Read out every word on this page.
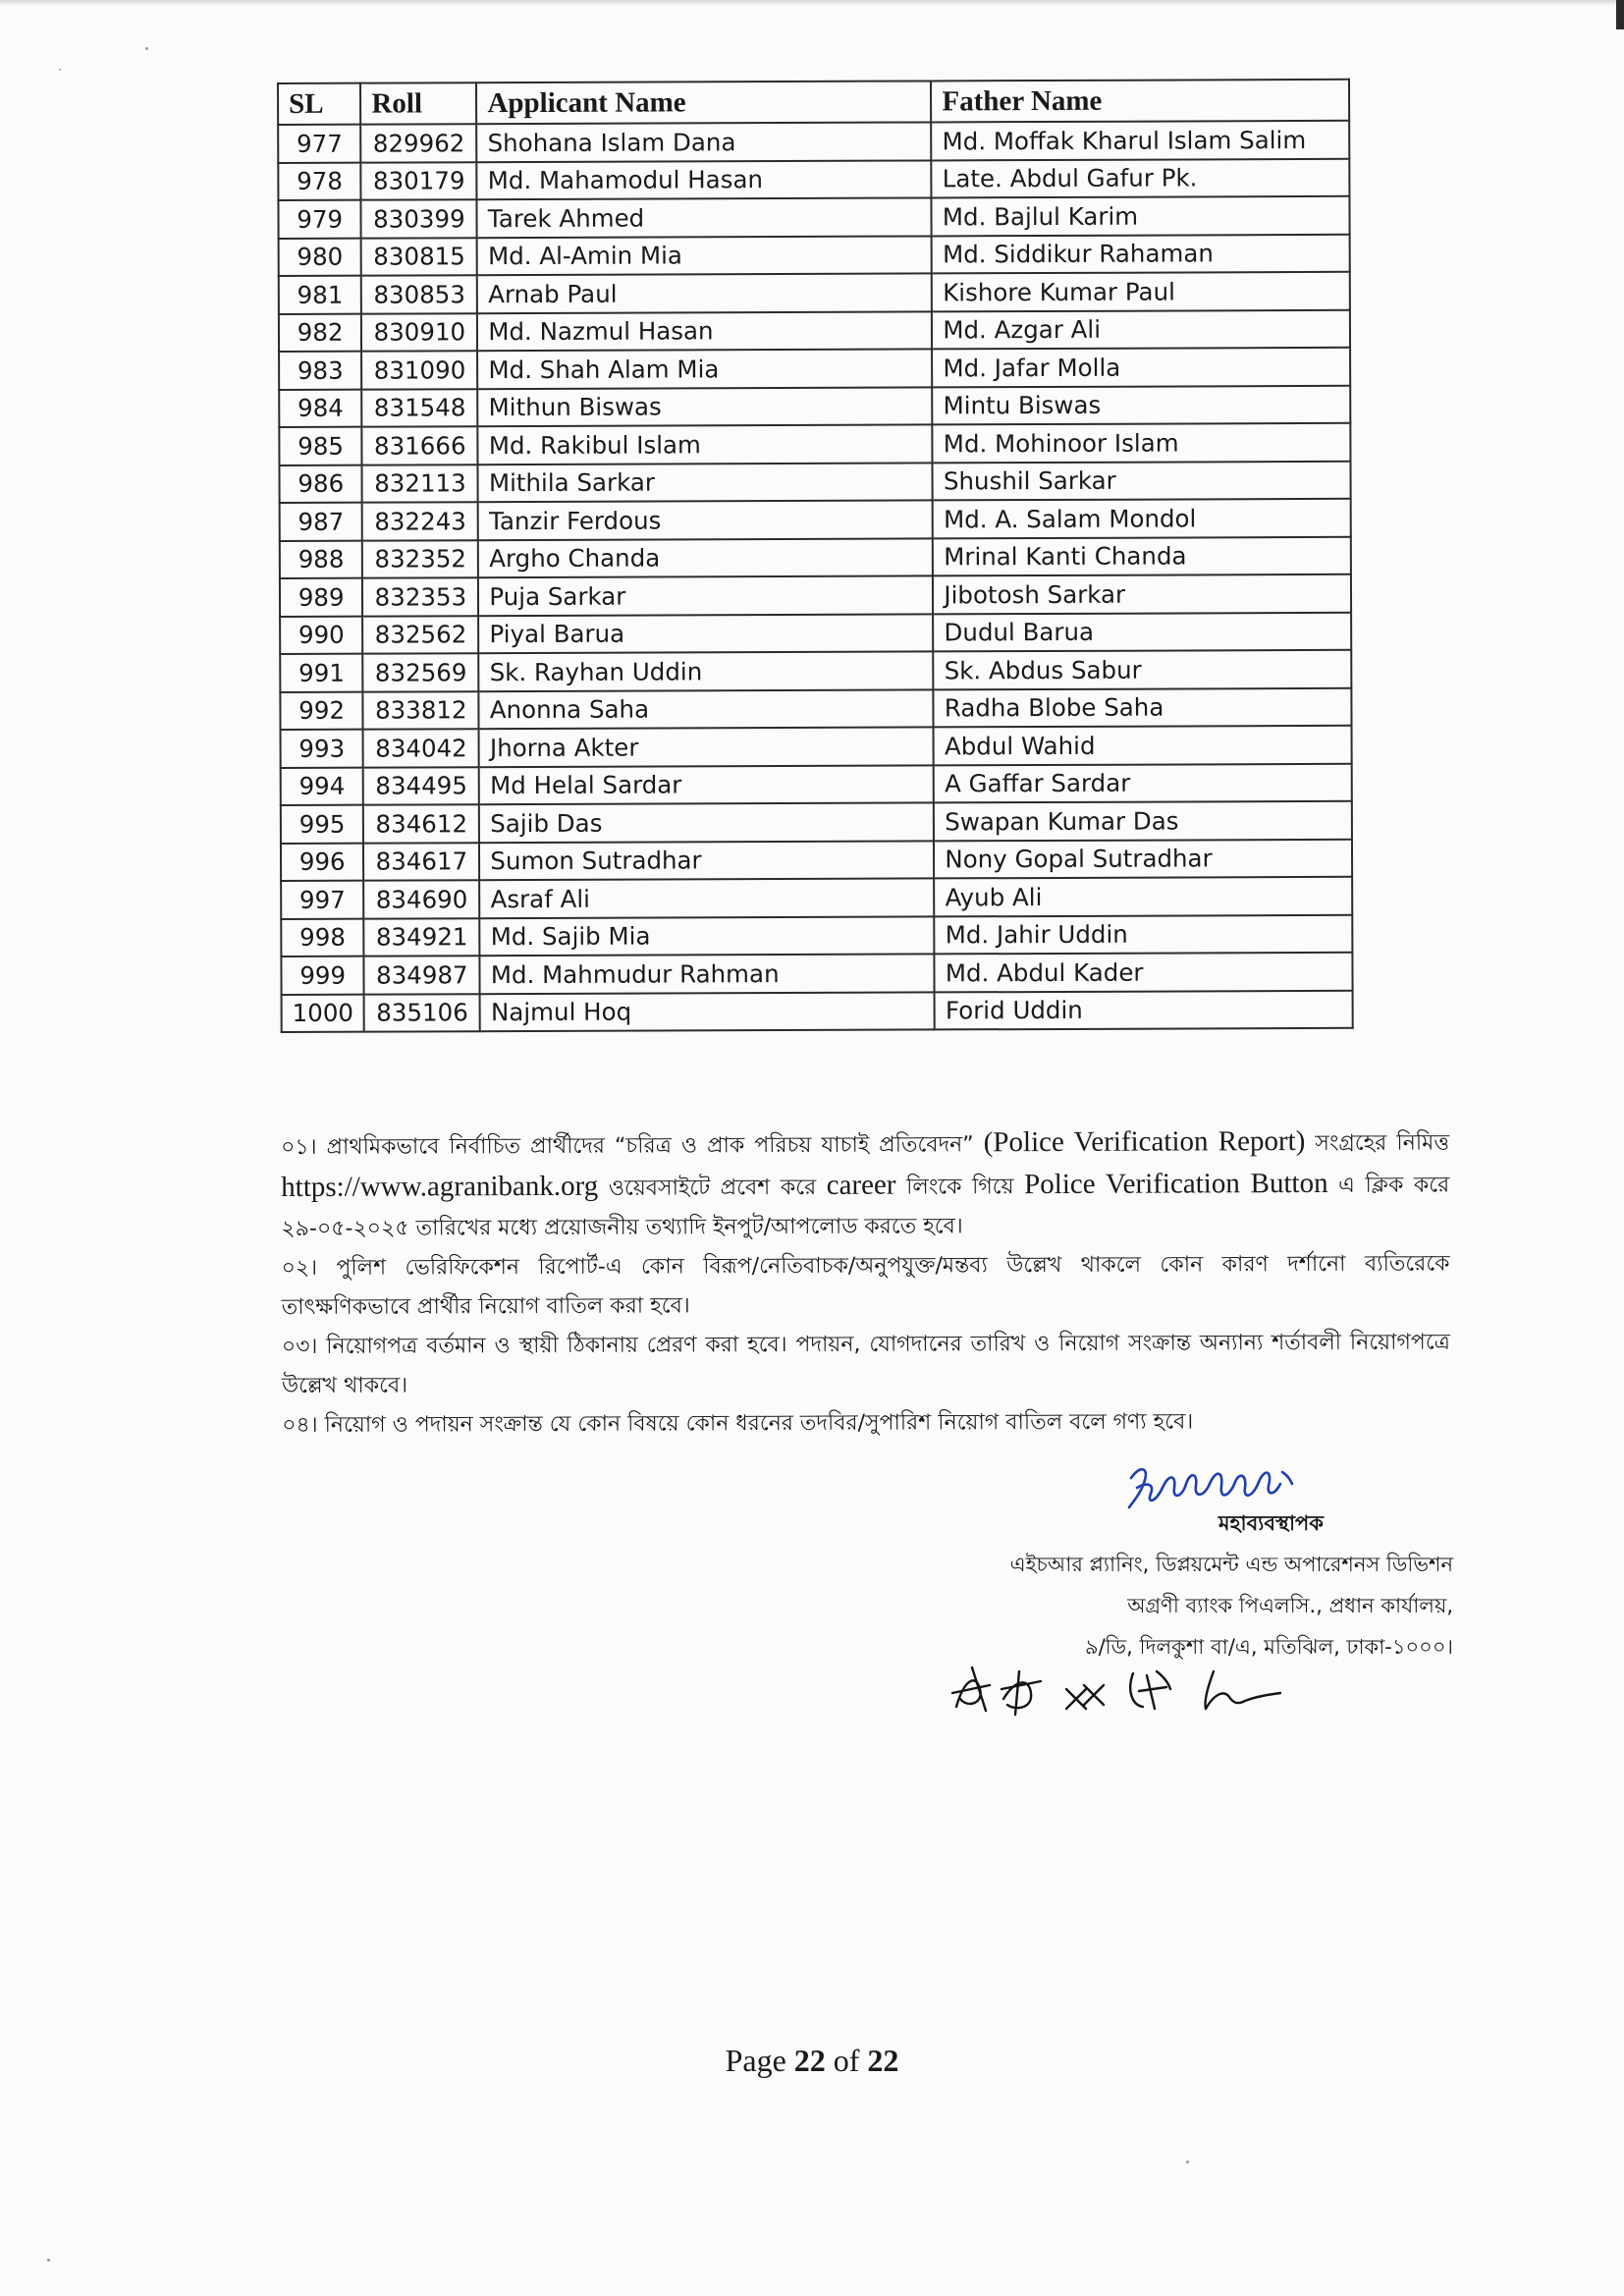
SL	Roll	Applicant Name	Father Name
977	829962	Shohana Islam Dana	Md. Moffak Kharul Islam Salim
978	830179	Md. Mahamodul Hasan	Late. Abdul Gafur Pk.
979	830399	Tarek Ahmed	Md. Bajlul Karim
980	830815	Md. Al-Amin Mia	Md. Siddikur Rahaman
981	830853	Arnab Paul	Kishore Kumar Paul
982	830910	Md. Nazmul Hasan	Md. Azgar Ali
983	831090	Md. Shah Alam Mia	Md. Jafar Molla
984	831548	Mithun Biswas	Mintu Biswas
985	831666	Md. Rakibul Islam	Md. Mohinoor Islam
986	832113	Mithila Sarkar	Shushil Sarkar
987	832243	Tanzir Ferdous	Md. A. Salam Mondol
988	832352	Argho Chanda	Mrinal Kanti Chanda
989	832353	Puja Sarkar	Jibotosh Sarkar
990	832562	Piyal Barua	Dudul Barua
991	832569	Sk. Rayhan Uddin	Sk. Abdus Sabur
992	833812	Anonna Saha	Radha Blobe Saha
993	834042	Jhorna Akter	Abdul Wahid
994	834495	Md Helal Sardar	A Gaffar Sardar
995	834612	Sajib Das	Swapan Kumar Das
996	834617	Sumon Sutradhar	Nony Gopal Sutradhar
997	834690	Asraf Ali	Ayub Ali
998	834921	Md. Sajib Mia	Md. Jahir Uddin
999	834987	Md. Mahmudur Rahman	Md. Abdul Kader
1000	835106	Najmul Hoq	Forid Uddin

০১। প্রাথমিকভাবে নির্বাচিত প্রার্থীদের “চরিত্র ও প্রাক পরিচয় যাচাই প্রতিবেদন” (Police Verification Report) সংগ্রহের নিমিত্ত https://www.agranibank.org ওয়েবসাইটে প্রবেশ করে career লিংকে গিয়ে Police Verification Button এ ক্লিক করে ২৯-০৫-২০২৫ তারিখের মধ্যে প্রয়োজনীয় তথ্যাদি ইনপুট/আপলোড করতে হবে।

০২। পুলিশ ভেরিফিকেশন রিপোর্ট-এ কোন বিরূপ/নেতিবাচক/অনুপযুক্ত/মন্তব্য উল্লেখ থাকলে কোন কারণ দর্শানো ব্যতিরেকে তাৎক্ষণিকভাবে প্রার্থীর নিয়োগ বাতিল করা হবে।

০৩। নিয়োগপত্র বর্তমান ও স্থায়ী ঠিকানায় প্রেরণ করা হবে। পদায়ন, যোগদানের তারিখ ও নিয়োগ সংক্রান্ত অন্যান্য শর্তাবলী নিয়োগপত্রে উল্লেখ থাকবে।

০৪। নিয়োগ ও পদায়ন সংক্রান্ত যে কোন বিষয়ে কোন ধরনের তদবির/সুপারিশ নিয়োগ বাতিল বলে গণ্য হবে।

মহাব্যবস্থাপক
এইচআর প্ল্যানিং, ডিপ্লয়মেন্ট এন্ড অপারেশনস ডিভিশন
অগ্রণী ব্যাংক পিএলসি., প্রধান কার্যালয়,
৯/ডি, দিলকুশা বা/এ, মতিঝিল, ঢাকা-১০০০।
Page 22 of 22
